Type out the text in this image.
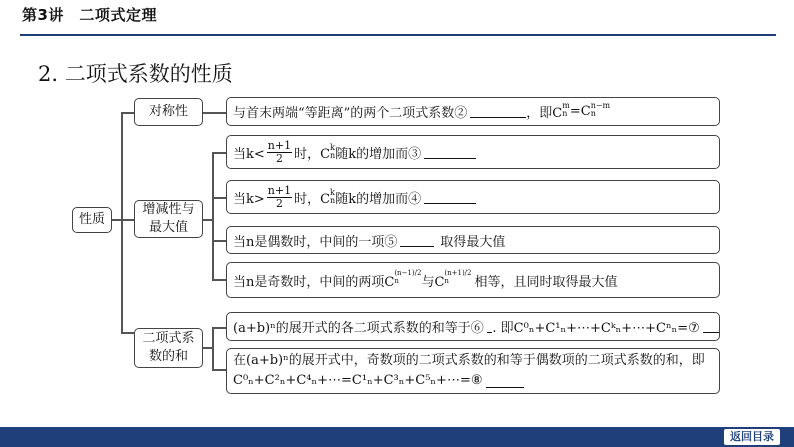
第3讲　二项式定理
2. 二项式系数的性质
性质
对称性
增减性与最大值
二项式系数的和
与首末两端“等距离”的两个二项式系数②	，即C
m
n =C n−m
n
当$k< \frac{n+1}{2}$ 时，C k
n 随k的增加而③
当$k> \frac{n+1}{2}$ 时，C k
n 随k的增加而④
当n是偶数时，中间的一项⑤	取得最大值
当n是奇数时，中间的两项C
(n−1)/2
n	与C
(n+1)/2
n	相等，且同时取得最大值
(a+b)ⁿ的展开式的各二项式系数的和等于⑥ . 即C⁰ₙ+C¹ₙ+⋯+Cᵏₙ+⋯+Cⁿₙ=⑦
在(a+b)ⁿ的展开式中，奇数项的二项式系数的和等于偶数项的二项式系数的和，即
C⁰ₙ+C²ₙ+C⁴ₙ+⋯=C¹ₙ+C³ₙ+C⁵ₙ+⋯=⑧
返回目录
